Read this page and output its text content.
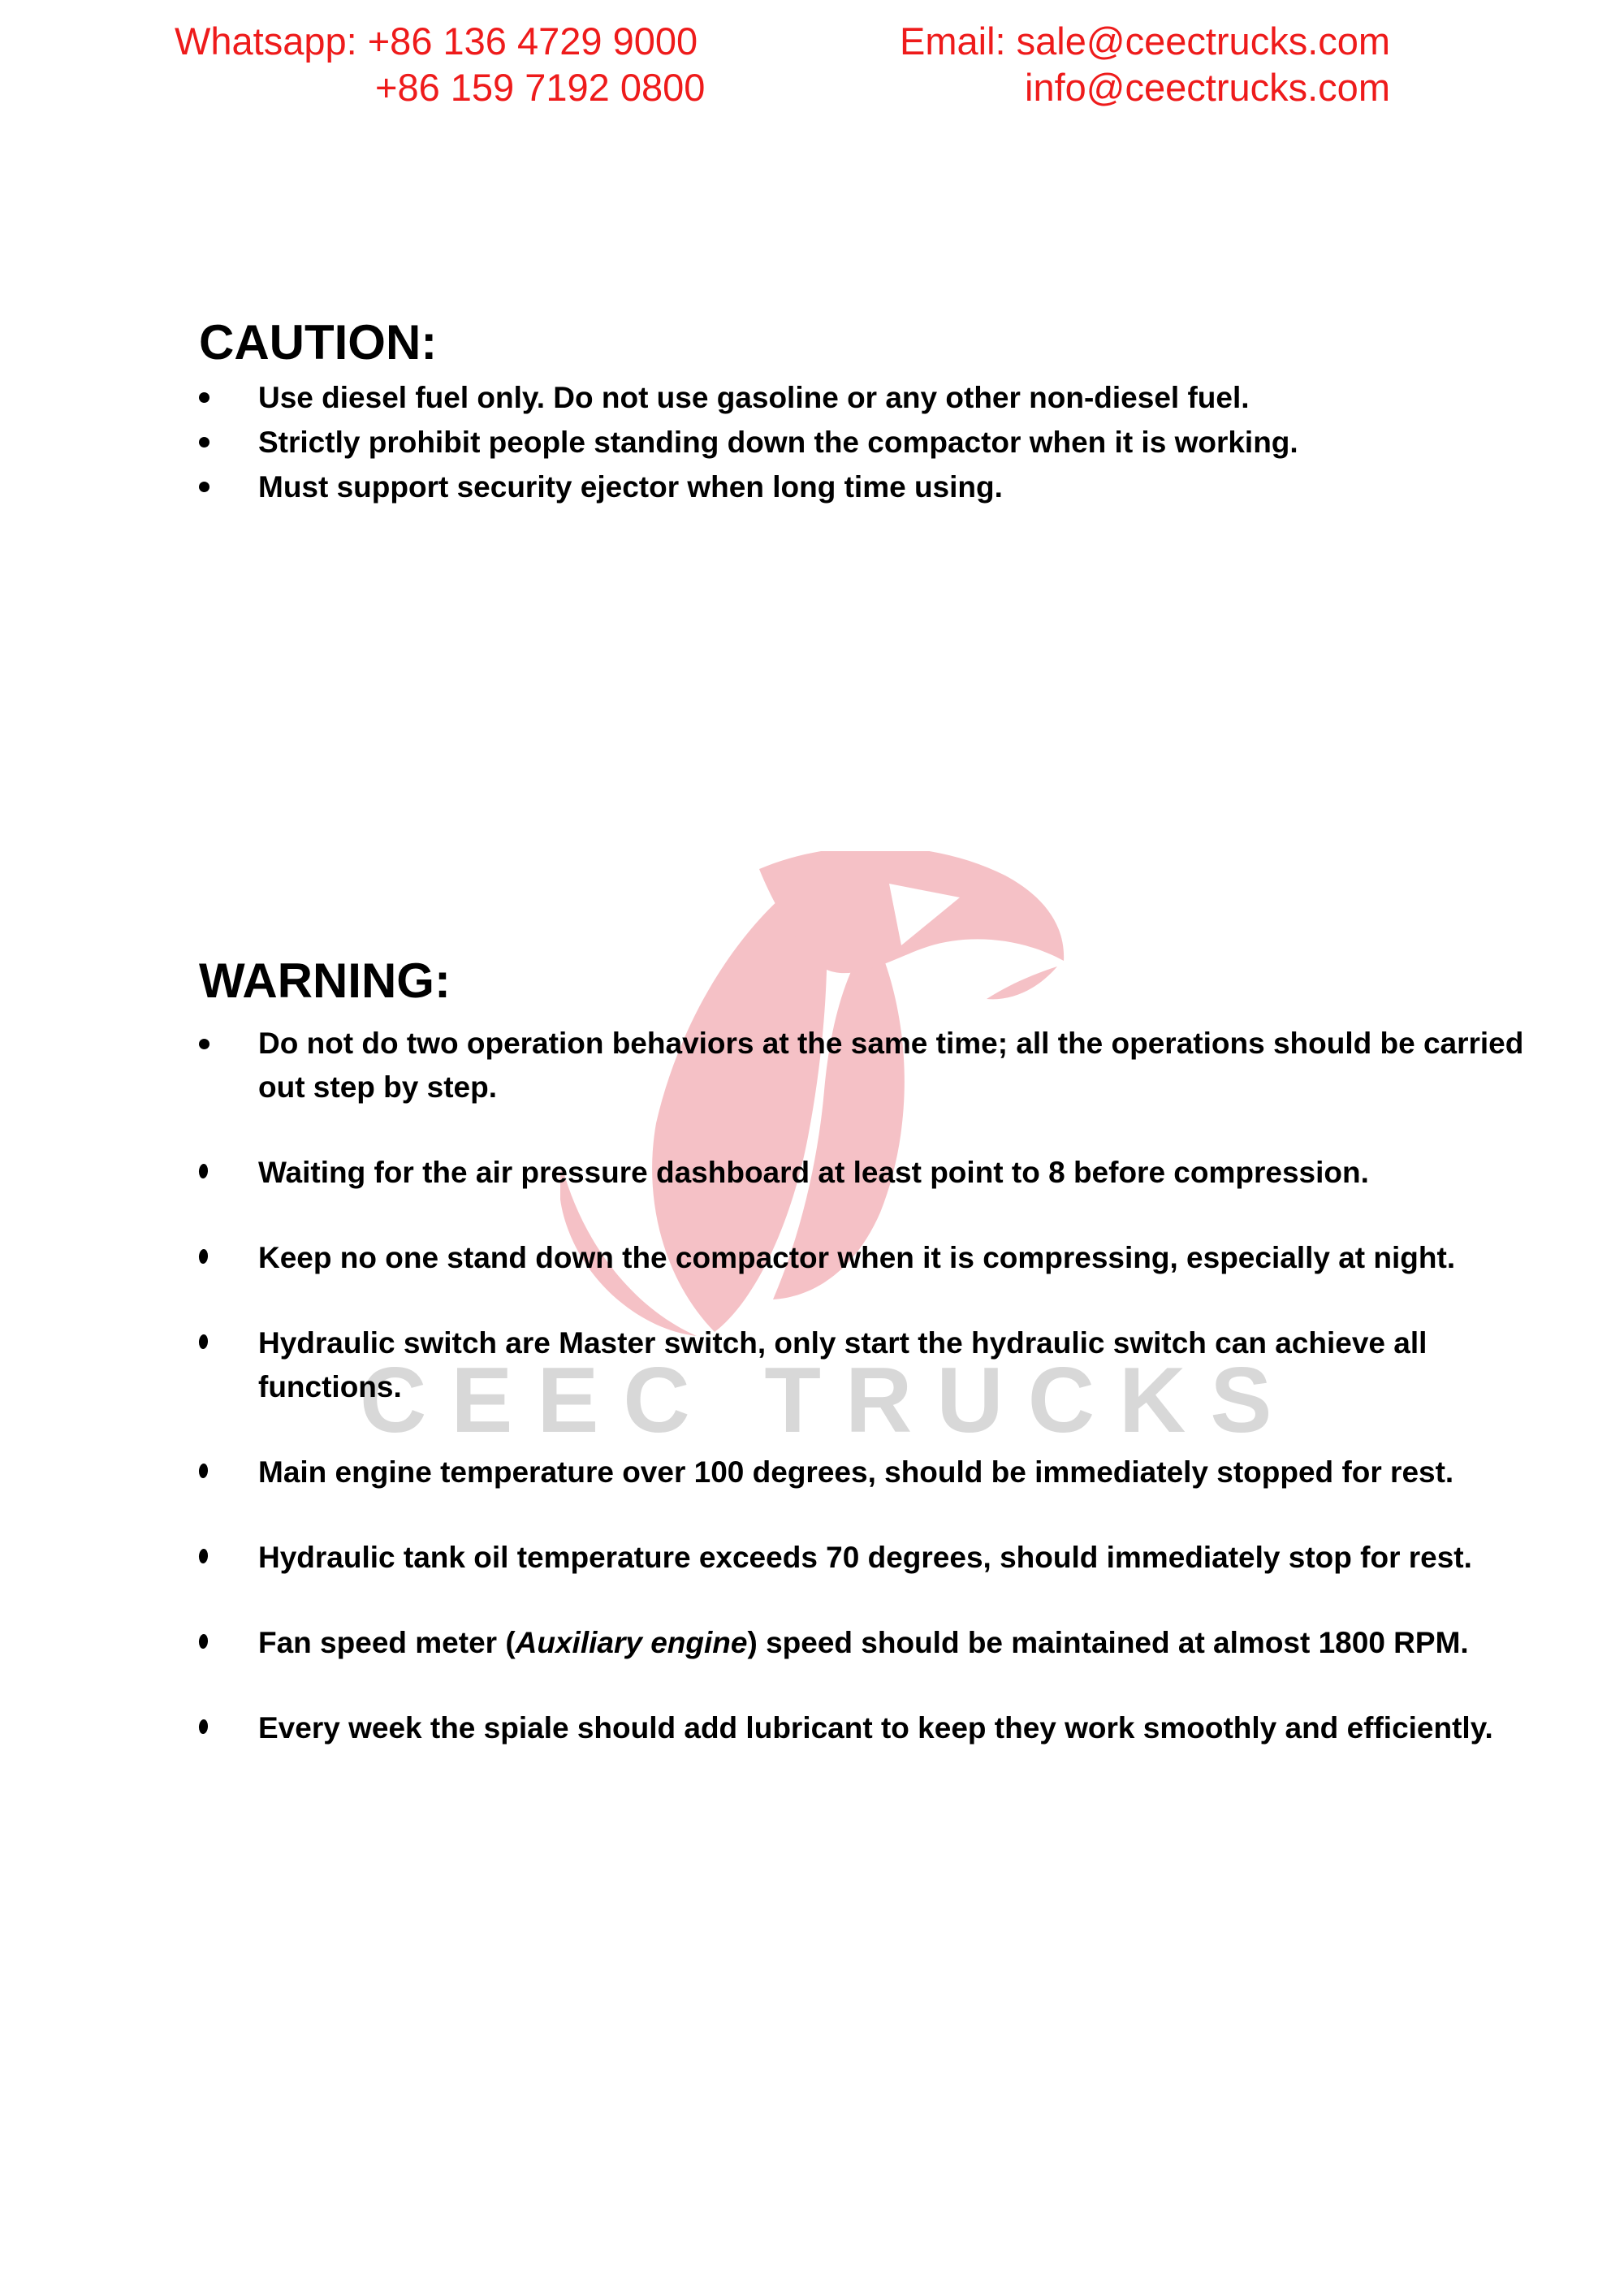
CEEC TRUCKS
Whatsapp: +86 136 4729 9000
+86 159 7192 0800
Email: sale@ceectrucks.com
info@ceectrucks.com
CAUTION:
Use diesel fuel only. Do not use gasoline or any other non-diesel fuel.
Strictly prohibit people standing down the compactor when it is working.
Must support security ejector when long time using.
WARNING:
Do not do two operation behaviors at the same time; all the operations should be carried
out step by step.
Waiting for the air pressure dashboard at least point to 8 before compression.
Keep no one stand down the compactor when it is compressing, especially at night.
Hydraulic switch are Master switch, only start the hydraulic switch can achieve all
functions.
Main engine temperature over 100 degrees, should be immediately stopped for rest.
Hydraulic tank oil temperature exceeds 70 degrees, should immediately stop for rest.
Fan speed meter (Auxiliary engine) speed should be maintained at almost 1800 RPM.
Every week the spiale should add lubricant to keep they work smoothly and efficiently.
